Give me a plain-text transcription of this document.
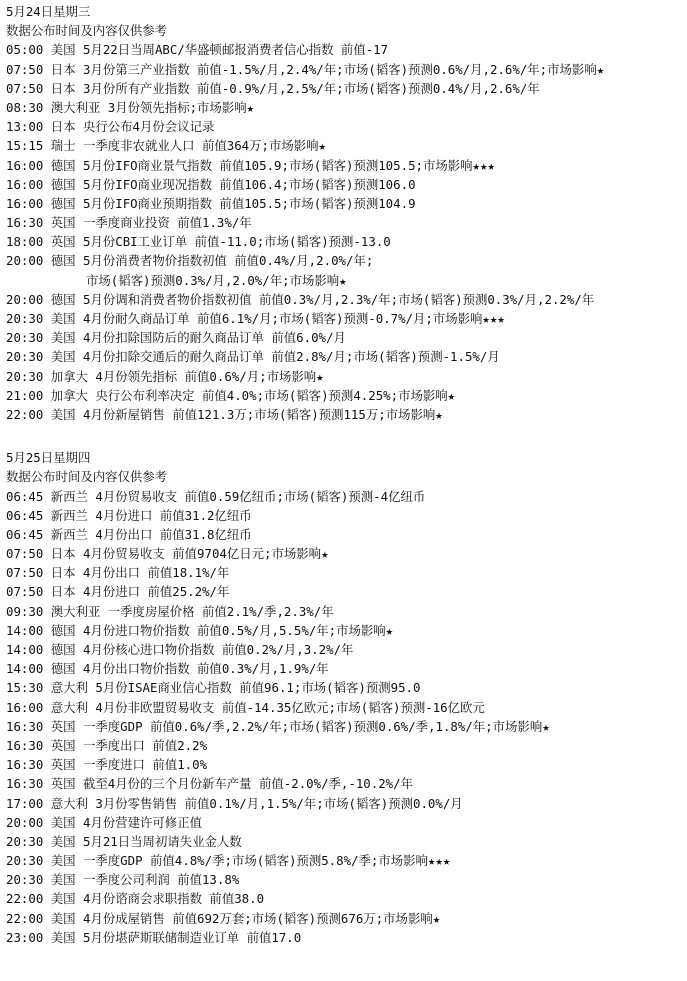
5月24日星期三
数据公布时间及内容仅供参考
05:00 美国 5月22日当周ABC/华盛顿邮报消费者信心指数 前值-17
07:50 日本 3月份第三产业指数 前值-1.5%/月,2.4%/年;市场(韬客)预测0.6%/月,2.6%/年;市场影响★
07:50 日本 3月份所有产业指数 前值-0.9%/月,2.5%/年;市场(韬客)预测0.4%/月,2.6%/年
08:30 澳大利亚 3月份领先指标;市场影响★
13:00 日本 央行公布4月份会议记录
15:15 瑞士 一季度非农就业人口 前值364万;市场影响★
16:00 德国 5月份IFO商业景气指数 前值105.9;市场(韬客)预测105.5;市场影响★★★
16:00 德国 5月份IFO商业现况指数 前值106.4;市场(韬客)预测106.0
16:00 德国 5月份IFO商业预期指数 前值105.5;市场(韬客)预测104.9
16:30 英国 一季度商业投资 前值1.3%/年
18:00 英国 5月份CBI工业订单 前值-11.0;市场(韬客)预测-13.0
20:00 德国 5月份消费者物价指数初值 前值0.4%/月,2.0%/年;
市场(韬客)预测0.3%/月,2.0%/年;市场影响★
20:00 德国 5月份调和消费者物价指数初值 前值0.3%/月,2.3%/年;市场(韬客)预测0.3%/月,2.2%/年
20:30 美国 4月份耐久商品订单 前值6.1%/月;市场(韬客)预测-0.7%/月;市场影响★★★
20:30 美国 4月份扣除国防后的耐久商品订单 前值6.0%/月
20:30 美国 4月份扣除交通后的耐久商品订单 前值2.8%/月;市场(韬客)预测-1.5%/月
20:30 加拿大 4月份领先指标 前值0.6%/月;市场影响★
21:00 加拿大 央行公布利率决定 前值4.0%;市场(韬客)预测4.25%;市场影响★
22:00 美国 4月份新屋销售 前值121.3万;市场(韬客)预测115万;市场影响★
5月25日星期四
数据公布时间及内容仅供参考
06:45 新西兰 4月份贸易收支 前值0.59亿纽币;市场(韬客)预测-4亿纽币
06:45 新西兰 4月份进口 前值31.2亿纽币
06:45 新西兰 4月份出口 前值31.8亿纽币
07:50 日本 4月份贸易收支 前值9704亿日元;市场影响★
07:50 日本 4月份出口 前值18.1%/年
07:50 日本 4月份进口 前值25.2%/年
09:30 澳大利亚 一季度房屋价格 前值2.1%/季,2.3%/年
14:00 德国 4月份进口物价指数 前值0.5%/月,5.5%/年;市场影响★
14:00 德国 4月份核心进口物价指数 前值0.2%/月,3.2%/年
14:00 德国 4月份出口物价指数 前值0.3%/月,1.9%/年
15:30 意大利 5月份ISAE商业信心指数 前值96.1;市场(韬客)预测95.0
16:00 意大利 4月份非欧盟贸易收支 前值-14.35亿欧元;市场(韬客)预测-16亿欧元
16:30 英国 一季度GDP 前值0.6%/季,2.2%/年;市场(韬客)预测0.6%/季,1.8%/年;市场影响★
16:30 英国 一季度出口 前值2.2%
16:30 英国 一季度进口 前值1.0%
16:30 英国 截至4月份的三个月份新车产量 前值-2.0%/季,-10.2%/年
17:00 意大利 3月份零售销售 前值0.1%/月,1.5%/年;市场(韬客)预测0.0%/月
20:00 美国 4月份营建许可修正值
20:30 美国 5月21日当周初请失业金人数
20:30 美国 一季度GDP 前值4.8%/季;市场(韬客)预测5.8%/季;市场影响★★★
20:30 美国 一季度公司利润 前值13.8%
22:00 美国 4月份谘商会求职指数 前值38.0
22:00 美国 4月份成屋销售 前值692万套;市场(韬客)预测676万;市场影响★
23:00 美国 5月份堪萨斯联储制造业订单 前值17.0
